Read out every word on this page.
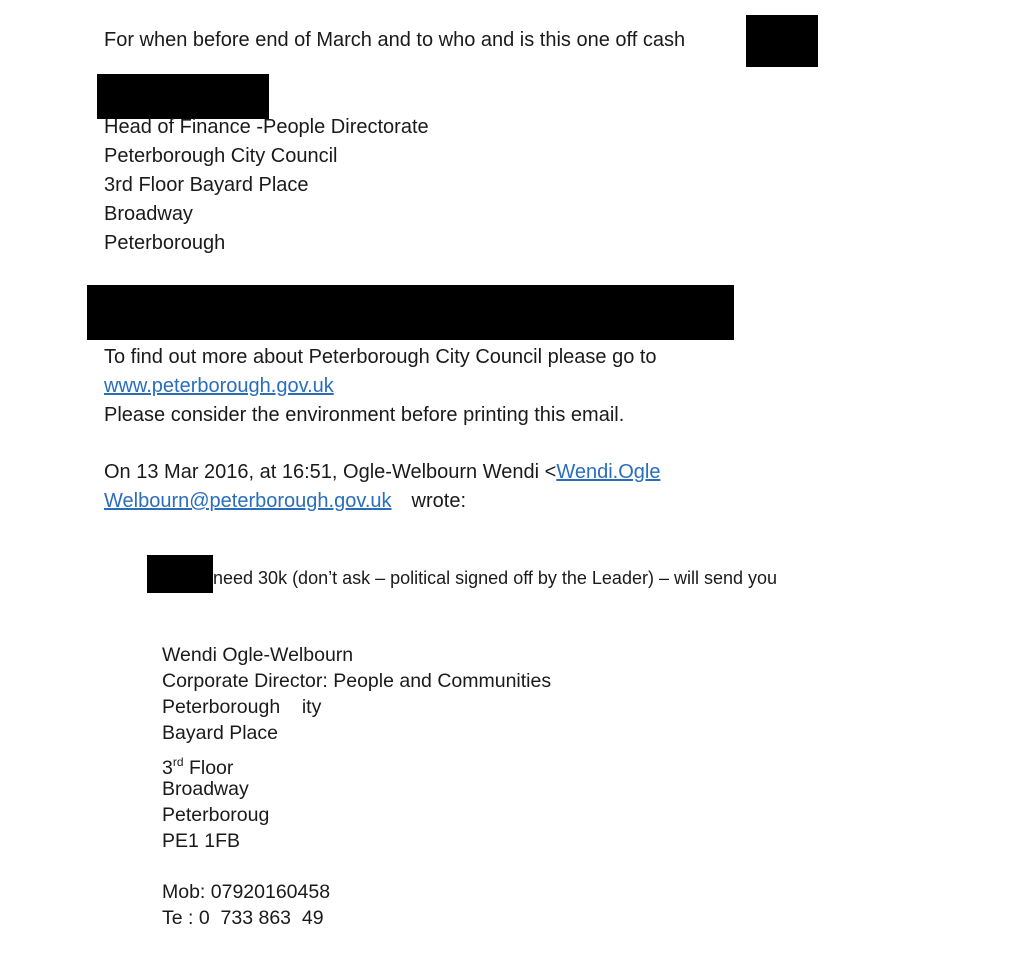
For when before end of March and to who and is this one off cash
Head of Finance -People Directorate
Peterborough City Council
3rd Floor Bayard Place
Broadway
Peterborough
To find out more about Peterborough City Council please go to
www.peterborough.gov.uk
Please consider the environment before printing this email.
On 13 Mar 2016, at 16:51, Ogle-Welbourn Wendi <Wendi.Ogle
Welbourn@peterborough.gov.uk wrote:
need 30k (don’t ask – political signed off by the Leader) – will send you
Wendi Ogle-Welbourn
Corporate Director: People and Communities
Peterborough    ity
Bayard Place
3rd Floor
Broadway
Peterboroug
PE1 1FB
Mob: 07920160458
Te : 0  733 863  49
